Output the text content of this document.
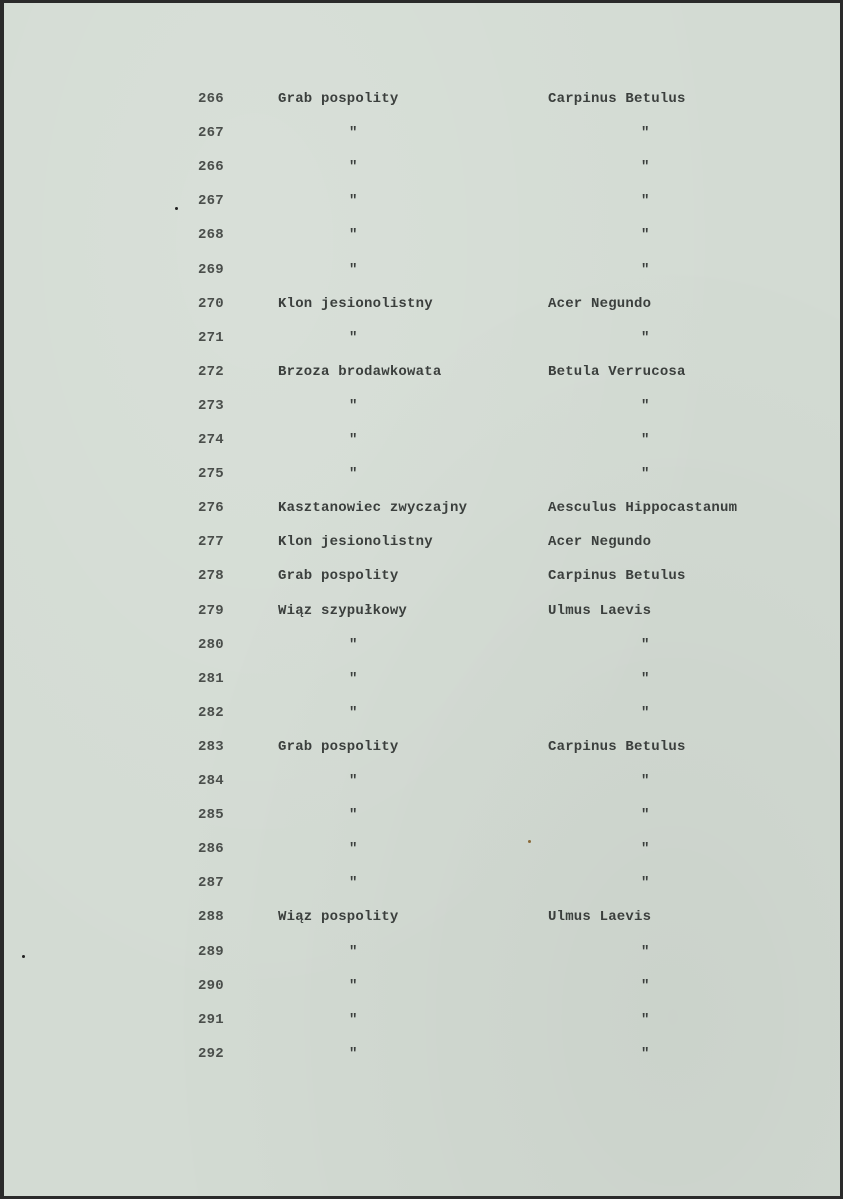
266	Grab pospolity	Carpinus Betulus
267	"	"
266	"	"
267	"	"
268	"	"
269	"	"
270	Klon jesionolistny	Acer Negundo
271	"	"
272	Brzoza brodawkowata	Betula Verrucosa
273	"	"
274	"	"
275	"	"
276	Kasztanowiec zwyczajny	Aesculus Hippocastanum
277	Klon jesionolistny	Acer Negundo
278	Grab pospolity	Carpinus Betulus
279	Wiąz szypułkowy	Ulmus Laevis
280	"	"
281	"	"
282	"	"
283	Grab pospolity	Carpinus Betulus
284	"	"
285	"	"
286	"	"
287	"	"
288	Wiąz pospolity	Ulmus Laevis
289	"	"
290	"	"
291	"	"
292	"	"
